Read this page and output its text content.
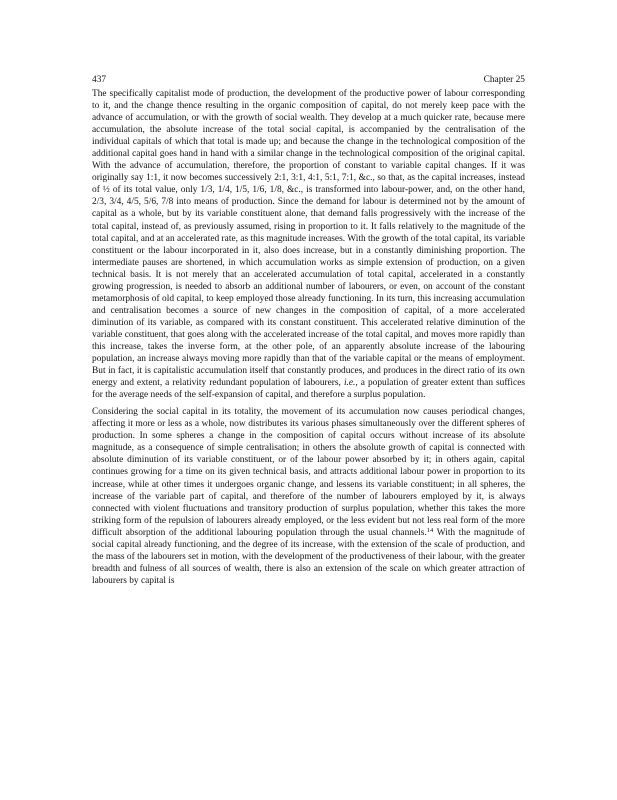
437	Chapter 25

The specifically capitalist mode of production, the development of the productive power of labour corresponding to it, and the change thence resulting in the organic composition of capital, do not merely keep pace with the advance of accumulation, or with the growth of social wealth. They develop at a much quicker rate, because mere accumulation, the absolute increase of the total social capital, is accompanied by the centralisation of the individual capitals of which that total is made up; and because the change in the technological composition of the additional capital goes hand in hand with a similar change in the technological composition of the original capital. With the advance of accumulation, therefore, the proportion of constant to variable capital changes. If it was originally say 1:1, it now becomes successively 2:1, 3:1, 4:1, 5:1, 7:1, &c., so that, as the capital increases, instead of ½ of its total value, only 1/3, 1/4, 1/5, 1/6, 1/8, &c., is transformed into labour-power, and, on the other hand, 2/3, 3/4, 4/5, 5/6, 7/8 into means of production. Since the demand for labour is determined not by the amount of capital as a whole, but by its variable constituent alone, that demand falls progressively with the increase of the total capital, instead of, as previously assumed, rising in proportion to it. It falls relatively to the magnitude of the total capital, and at an accelerated rate, as this magnitude increases. With the growth of the total capital, its variable constituent or the labour incorporated in it, also does increase, but in a constantly diminishing proportion. The intermediate pauses are shortened, in which accumulation works as simple extension of production, on a given technical basis. It is not merely that an accelerated accumulation of total capital, accelerated in a constantly growing progression, is needed to absorb an additional number of labourers, or even, on account of the constant metamorphosis of old capital, to keep employed those already functioning. In its turn, this increasing accumulation and centralisation becomes a source of new changes in the composition of capital, of a more accelerated diminution of its variable, as compared with its constant constituent. This accelerated relative diminution of the variable constituent, that goes along with the accelerated increase of the total capital, and moves more rapidly than this increase, takes the inverse form, at the other pole, of an apparently absolute increase of the labouring population, an increase always moving more rapidly than that of the variable capital or the means of employment. But in fact, it is capitalistic accumulation itself that constantly produces, and produces in the direct ratio of its own energy and extent, a relativity redundant population of labourers, i.e., a population of greater extent than suffices for the average needs of the self-expansion of capital, and therefore a surplus population.

Considering the social capital in its totality, the movement of its accumulation now causes periodical changes, affecting it more or less as a whole, now distributes its various phases simultaneously over the different spheres of production. In some spheres a change in the composition of capital occurs without increase of its absolute magnitude, as a consequence of simple centralisation; in others the absolute growth of capital is connected with absolute diminution of its variable constituent, or of the labour power absorbed by it; in others again, capital continues growing for a time on its given technical basis, and attracts additional labour power in proportion to its increase, while at other times it undergoes organic change, and lessens its variable constituent; in all spheres, the increase of the variable part of capital, and therefore of the number of labourers employed by it, is always connected with violent fluctuations and transitory production of surplus population, whether this takes the more striking form of the repulsion of labourers already employed, or the less evident but not less real form of the more difficult absorption of the additional labouring population through the usual channels.$^{14}$ With the magnitude of social capital already functioning, and the degree of its increase, with the extension of the scale of production, and the mass of the labourers set in motion, with the development of the productiveness of their labour, with the greater breadth and fulness of all sources of wealth, there is also an extension of the scale on which greater attraction of labourers by capital is
